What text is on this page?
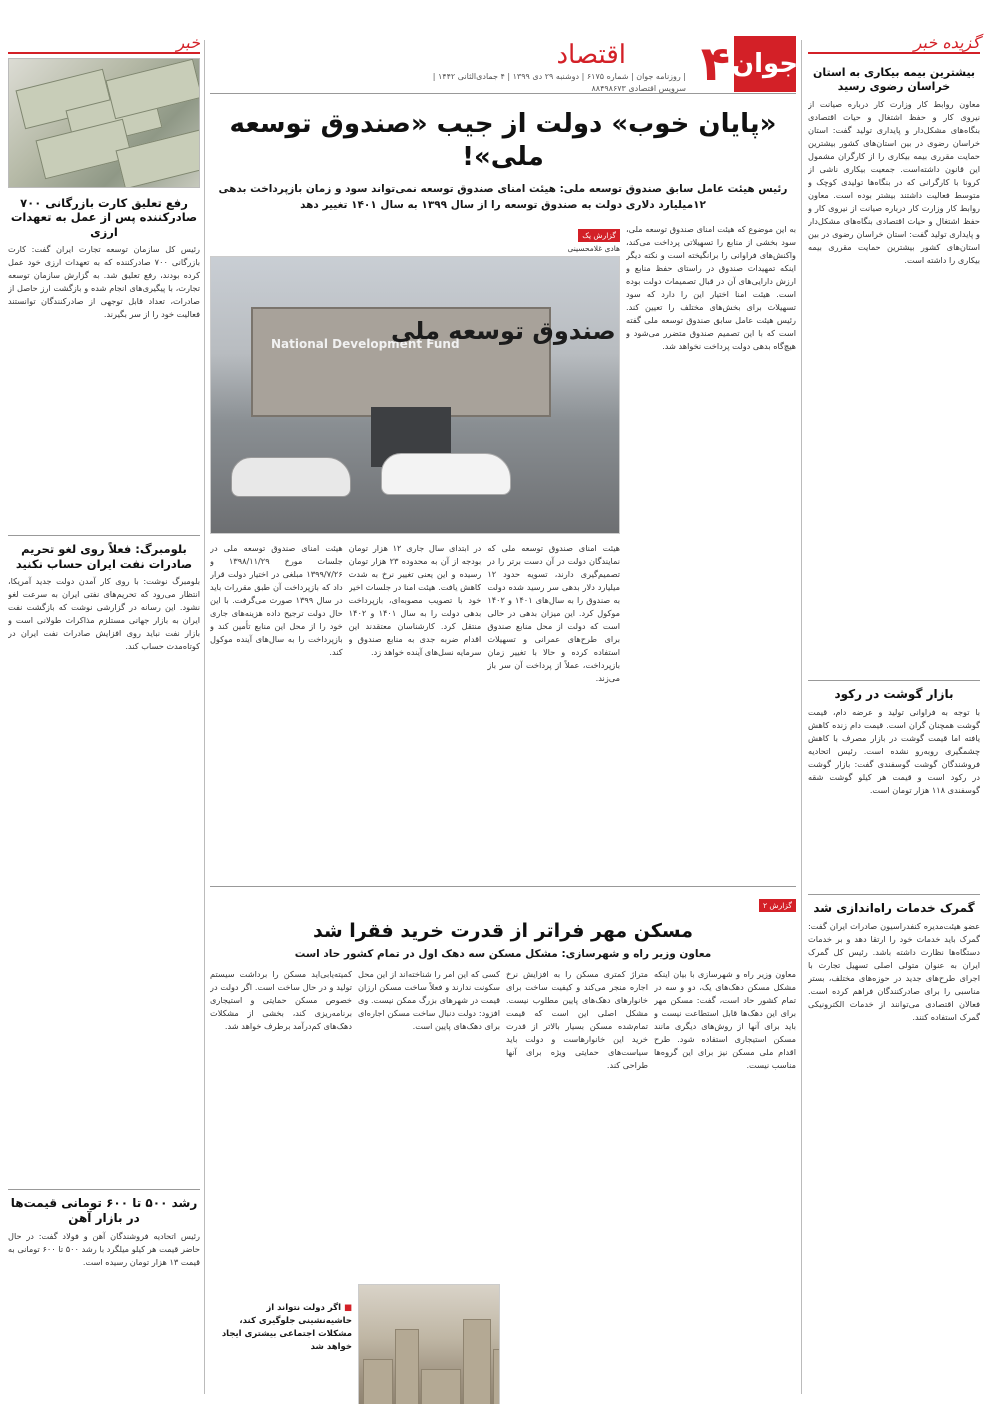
گزیده خبر
بیشترین بیمه بیکاری به استان خراسان رضوی رسید
معاون روابط کار وزارت کار درباره صیانت از نیروی کار و حفظ اشتغال و حیات اقتصادی بنگاه‌های مشکل‌دار و پایداری تولید گفت: استان خراسان رضوی در بین استان‌های کشور بیشترین حمایت مقرری بیمه بیکاری را از کارگران مشمول این قانون داشته‌است. جمعیت بیکاری ناشی از کرونا با کارگرانی که در بنگاه‌ها تولیدی کوچک و متوسط فعالیت داشتند بیشتر بوده است. معاون روابط کار وزارت کار درباره صیانت از نیروی کار و حفظ اشتغال و حیات اقتصادی بنگاه‌های مشکل‌دار و پایداری تولید گفت: استان خراسان رضوی در بین استان‌های کشور بیشترین حمایت مقرری بیمه بیکاری را داشته است.
بازار گوشت در رکود
با توجه به فراوانی تولید و عرضه دام، قیمت گوشت همچنان گران است. قیمت دام زنده کاهش یافته اما قیمت گوشت در بازار مصرف با کاهش چشمگیری روبه‌رو نشده است. رئیس اتحادیه فروشندگان گوشت گوسفندی گفت: بازار گوشت در رکود است و قیمت هر کیلو گوشت شقه گوسفندی ۱۱۸ هزار تومان است.
گمرک خدمات راه‌اندازی شد
عضو هیئت‌مدیره کنفدراسیون صادرات ایران گفت: گمرک باید خدمات خود را ارتقا دهد و بر خدمات دستگاه‌ها نظارت داشته باشد. رئیس کل گمرک ایران به عنوان متولی اصلی تسهیل تجارت با اجرای طرح‌های جدید در حوزه‌های مختلف، بستر مناسبی را برای صادرکنندگان فراهم کرده است. فعالان اقتصادی می‌توانند از خدمات الکترونیکی گمرک استفاده کنند.
خبر
رفع تعلیق کارت بازرگانی ۷۰۰ صادرکننده پس از عمل به تعهدات ارزی
رئیس کل سازمان توسعه تجارت ایران گفت: کارت بازرگانی ۷۰۰ صادرکننده که به تعهدات ارزی خود عمل کرده بودند، رفع تعلیق شد. به گزارش سازمان توسعه تجارت، با پیگیری‌های انجام شده و بازگشت ارز حاصل از صادرات، تعداد قابل توجهی از صادرکنندگان توانستند فعالیت خود را از سر بگیرند.
بلومبرگ: فعلاً روی لغو تحریم صادرات نفت ایران حساب نکنید
بلومبرگ نوشت: با روی کار آمدن دولت جدید آمریکا، انتظار می‌رود که تحریم‌های نفتی ایران به سرعت لغو نشود. این رسانه در گزارشی نوشت که بازگشت نفت ایران به بازار جهانی مستلزم مذاکرات طولانی است و بازار نفت نباید روی افزایش صادرات نفت ایران در کوتاه‌مدت حساب کند.
رشد ۵۰۰ تا ۶۰۰ تومانی قیمت‌ها در بازار آهن
رئیس اتحادیه فروشندگان آهن و فولاد گفت: در حال حاضر قیمت هر کیلو میلگرد با رشد ۵۰۰ تا ۶۰۰ تومانی به قیمت ۱۳ هزار تومان رسیده است.
جوان
۴
اقتصاد
| روزنامه جوان | شماره ۶۱۷۵ | دوشنبه ۲۹ دی ۱۳۹۹ | ۴ جمادی‌الثانی ۱۴۴۲ |
سرویس اقتصادی ۸۸۴۹۸۶۷۳
«پایان خوب» دولت از جیب «صندوق توسعه ملی»!
رئیس هیئت عامل سابق صندوق توسعه ملی: هیئت امنای صندوق توسعه نمی‌تواند سود و زمان بازپرداخت بدهی ۱۲میلیارد دلاری دولت به صندوق توسعه را از سال ۱۳۹۹ به سال ۱۴۰۱ تغییر دهد
به این موضوع که هیئت امنای صندوق توسعه ملی، سود بخشی از منابع را تسهیلاتی پرداخت می‌کند، واکنش‌های فراوانی را برانگیخته است و نکته دیگر اینکه تمهیدات صندوق در راستای حفظ منابع و ارزش دارایی‌های آن در قبال تصمیمات دولت بوده است. هیئت امنا اختیار این را دارد که سود تسهیلات برای بخش‌های مختلف را تعیین کند. رئیس هیئت عامل سابق صندوق توسعه ملی گفته است که با این تصمیم صندوق متضرر می‌شود و هیچ‌گاه بدهی دولت پرداخت نخواهد شد.
گزارش یک
هادی غلامحسینی
National Development Fund
صندوق توسعه ملی
هیئت امنای صندوق توسعه ملی که نمایندگان دولت در آن دست برتر را در تصمیم‌گیری دارند، تسویه حدود ۱۲ میلیارد دلار بدهی سر رسید شده دولت به صندوق را به سال‌های ۱۴۰۱ و ۱۴۰۲ موکول کرد. این میزان بدهی در حالی است که دولت از محل منابع صندوق برای طرح‌های عمرانی و تسهیلات استفاده کرده و حالا با تغییر زمان بازپرداخت، عملاً از پرداخت آن سر باز می‌زند.
در ابتدای سال جاری ۱۲ هزار تومان بودجه از آن به محدوده ۲۳ هزار تومان رسیده و این یعنی تغییر نرخ به شدت کاهش یافت. هیئت امنا در جلسات اخیر خود با تصویب مصوبه‌ای، بازپرداخت بدهی دولت را به سال ۱۴۰۱ و ۱۴۰۲ منتقل کرد. کارشناسان معتقدند این اقدام ضربه جدی به منابع صندوق و سرمایه نسل‌های آینده خواهد زد.
هیئت امنای صندوق توسعه ملی در جلسات مورخ ۱۳۹۸/۱۱/۲۹ و ۱۳۹۹/۷/۲۶ مبلغی در اختیار دولت قرار داد که بازپرداخت آن طبق مقررات باید در سال ۱۳۹۹ صورت می‌گرفت. با این حال دولت ترجیح داده هزینه‌های جاری خود را از محل این منابع تأمین کند و بازپرداخت را به سال‌های آینده موکول کند.
گزارش ۲
مسکن مهر فراتر از قدرت خرید فقرا شد
معاون وزیر راه و شهرسازی: مشکل مسکن سه دهک اول در تمام کشور حاد است
معاون وزیر راه و شهرسازی با بیان اینکه مشکل مسکن دهک‌های یک، دو و سه در تمام کشور حاد است، گفت: مسکن مهر برای این دهک‌ها قابل استطاعت نیست و باید برای آنها از روش‌های دیگری مانند مسکن استیجاری استفاده شود. طرح اقدام ملی مسکن نیز برای این گروه‌ها مناسب نیست.
متراژ کمتری مسکن را به افزایش نرخ اجاره منجر می‌کند و کیفیت ساخت برای خانوارهای دهک‌های پایین مطلوب نیست. مشکل اصلی این است که قیمت تمام‌شده مسکن بسیار بالاتر از قدرت خرید این خانوارهاست و دولت باید سیاست‌های حمایتی ویژه برای آنها طراحی کند.
کسی که این امر را شناخته‌اند از این محل سکونت ندارند و فعلاً ساخت مسکن ارزان قیمت در شهرهای بزرگ ممکن نیست. وی افزود: دولت دنبال ساخت مسکن اجاره‌ای برای دهک‌های پایین است.
کمیته‌یابی‌اید مسکن را برداشت سیستم تولید و در حال ساخت است. اگر دولت در خصوص مسکن حمایتی و استیجاری برنامه‌ریزی کند، بخشی از مشکلات دهک‌های کم‌درآمد برطرف خواهد شد.
■ اگر دولت نتواند از حاشیه‌نشینی جلوگیری کند، مشکلات اجتماعی بیشتری ایجاد خواهد شد
